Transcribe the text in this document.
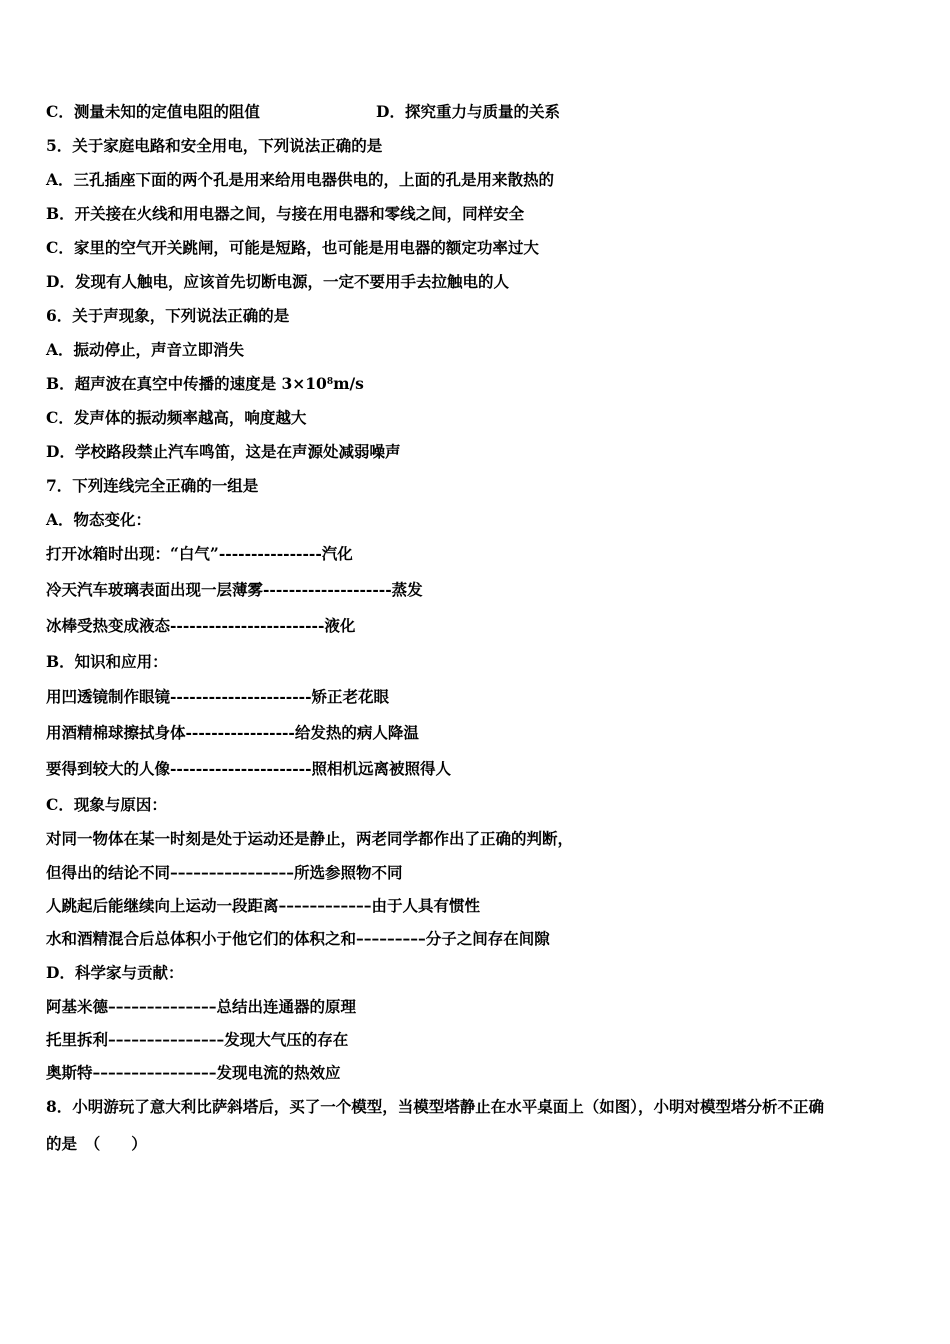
C．测量未知的定值电阻的阻值	D．探究重力与质量的关系
5．关于家庭电路和安全用电，下列说法正确的是
A．三孔插座下面的两个孔是用来给用电器供电的，上面的孔是用来散热的
B．开关接在火线和用电器之间，与接在用电器和零线之间，同样安全
C．家里的空气开关跳闸，可能是短路，也可能是用电器的额定功率过大
D．发现有人触电，应该首先切断电源，一定不要用手去拉触电的人
6．关于声现象，下列说法正确的是
A．振动停止，声音立即消失
B．超声波在真空中传播的速度是 $3\times 10^8m/s$
C．发声体的振动频率越高，响度越大
D．学校路段禁止汽车鸣笛，这是在声源处减弱噪声
7．下列连线完全正确的一组是
A．物态变化：
打开冰箱时出现：“白气”----------------汽化
冷天汽车玻璃表面出现一层薄雾--------------------蒸发
冰棒受热变成液态------------------------液化
B．知识和应用：
用凹透镜制作眼镜----------------------矫正老花眼
用酒精棉球擦拭身体-----------------给发热的病人降温
要得到较大的人像----------------------照相机远离被照得人
C．现象与原因：
对同一物体在某一时刻是处于运动还是静止，两老同学都作出了正确的判断，
但得出的结论不同––––––––––––––––所选参照物不同
人跳起后能继续向上运动一段距离––––––––––––由于人具有惯性
水和酒精混合后总体积小于他它们的体积之和–––––––––分子之间存在间隙
D．科学家与贡献：
阿基米德––––––––––––––总结出连通器的原理
托里拆利–––––––––––––––发现大气压的存在
奥斯特––––––––––––––––发现电流的热效应
8．小明游玩了意大利比萨斜塔后，买了一个模型，当模型塔静止在水平桌面上（如图），小明对模型塔分析不正确
的是　（　　）
